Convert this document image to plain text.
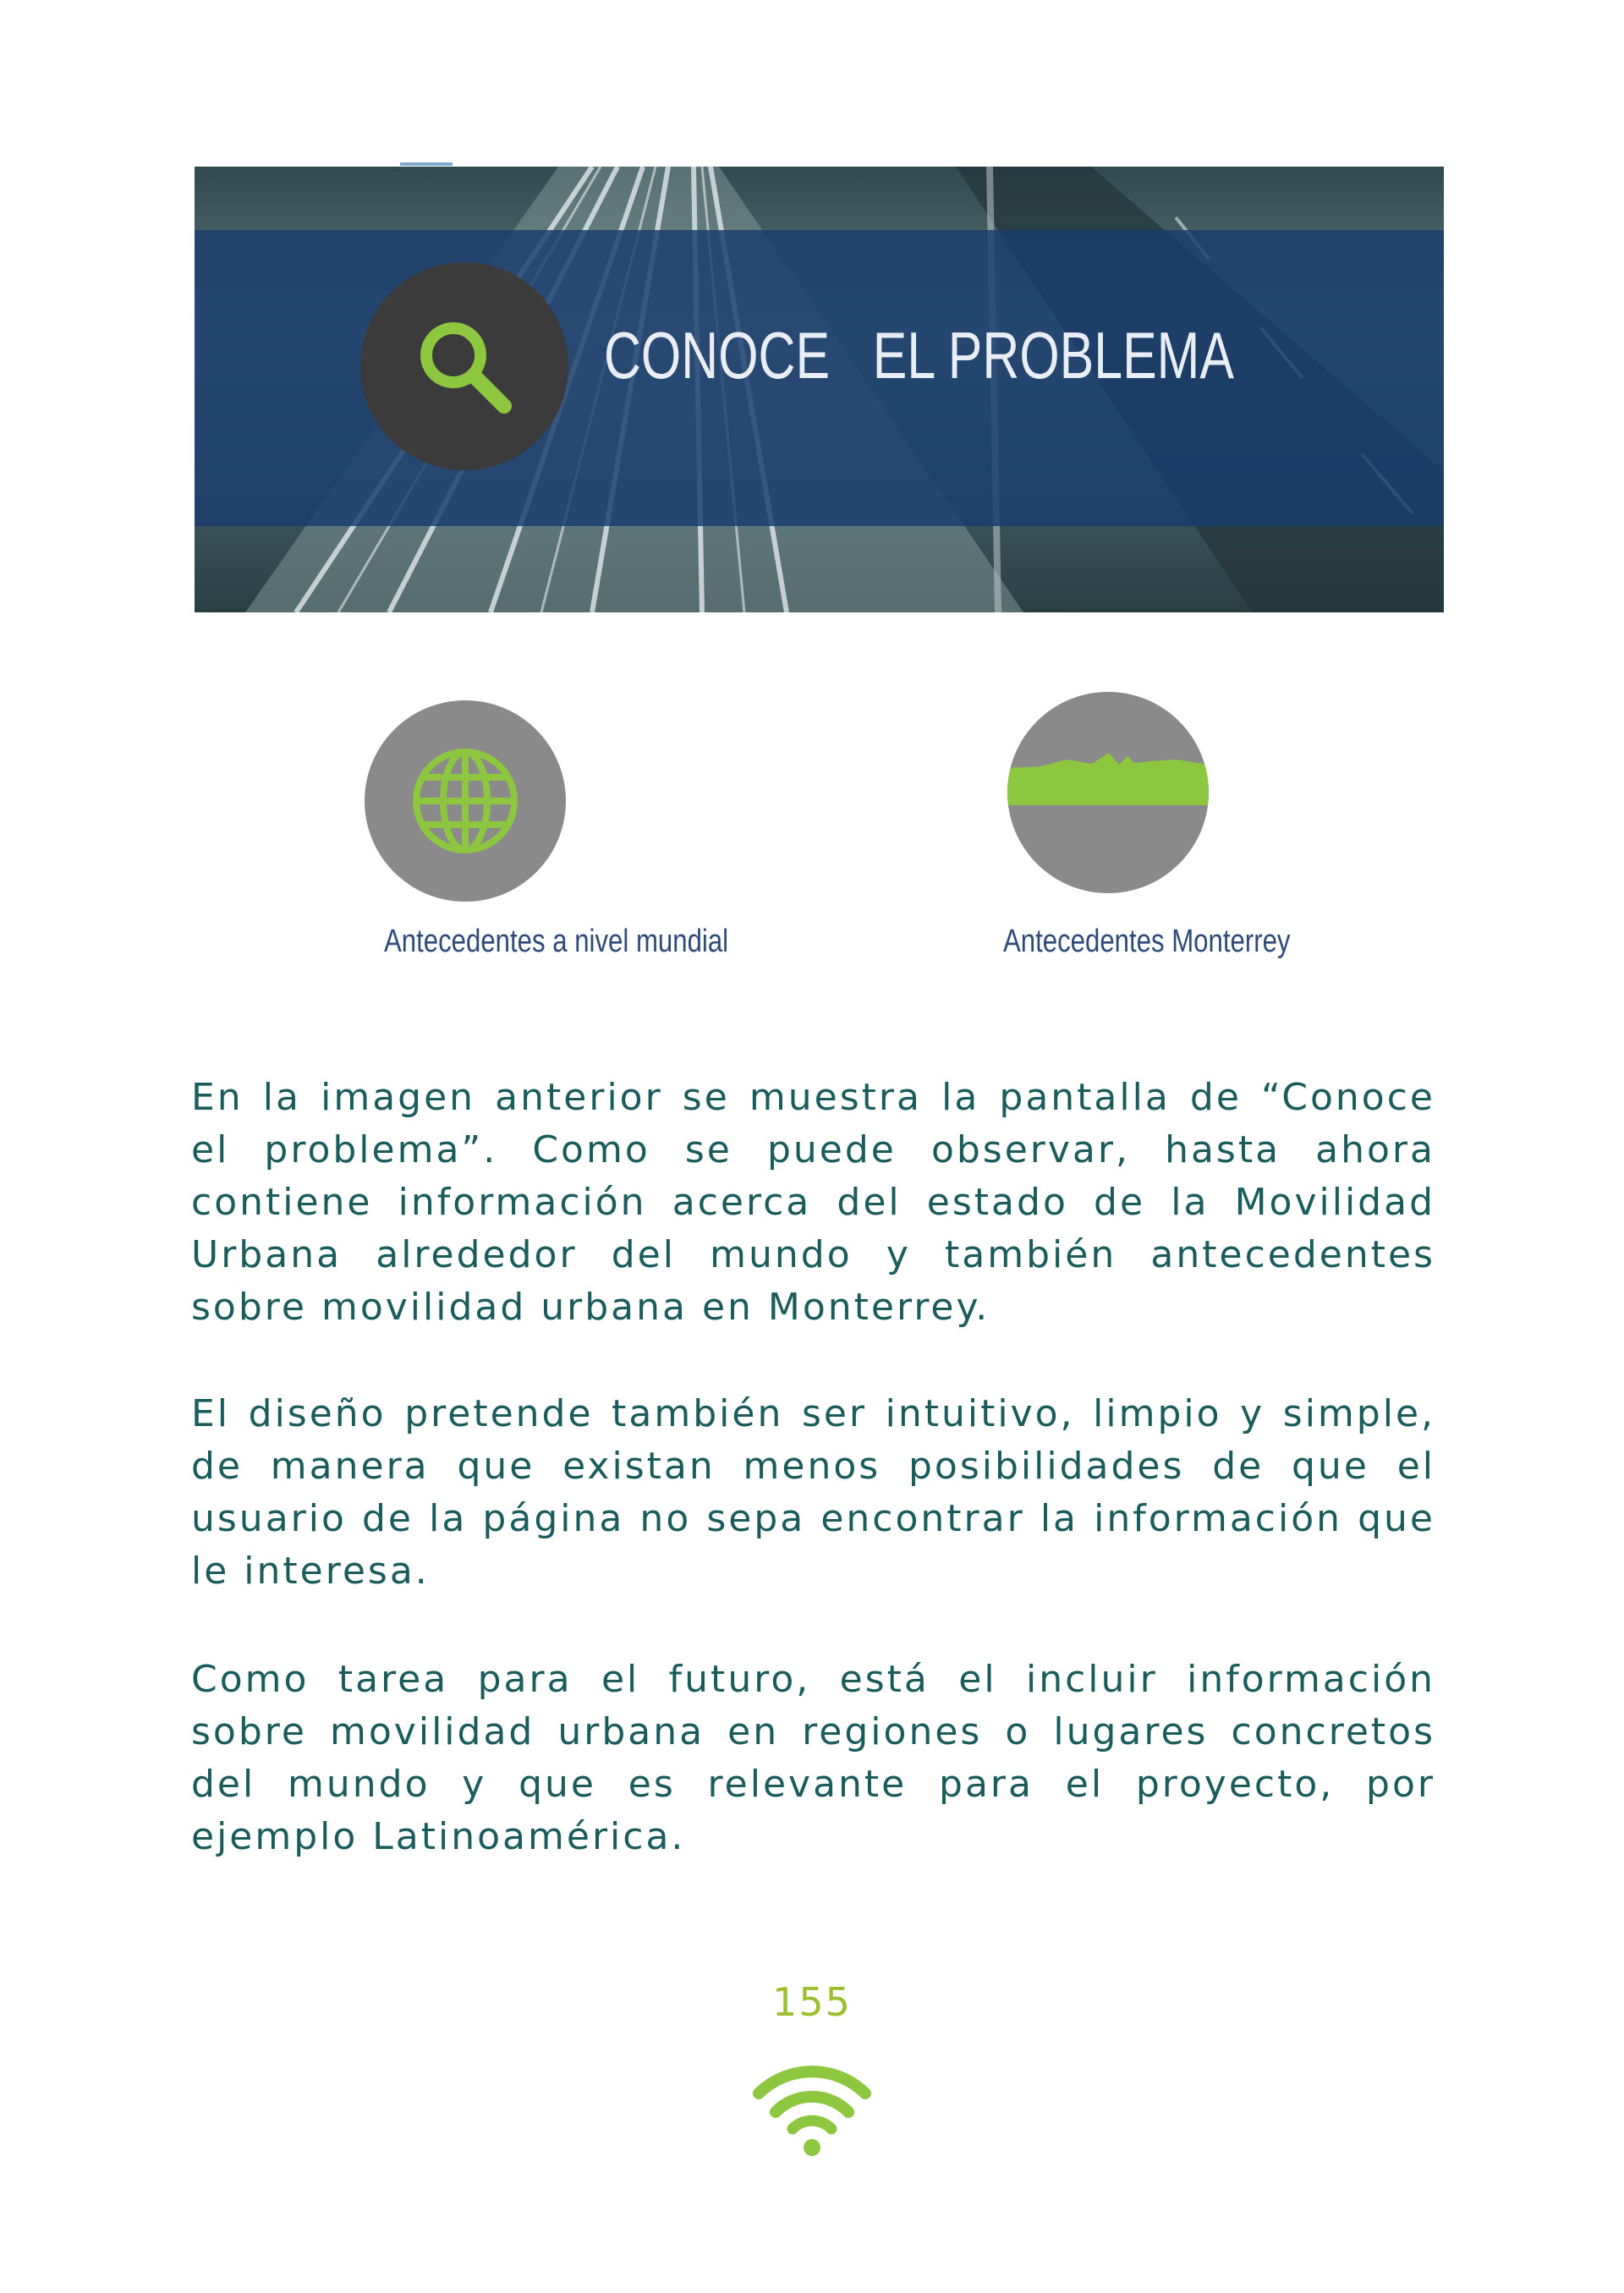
CONOCE   EL PROBLEMA
Antecedentes a nivel mundial	Antecedentes Monterrey

En la imagen anterior se muestra la pantalla de “Conoce el problema”. Como se puede observar, hasta ahora contiene información acerca del estado de la Movilidad Urbana alrededor del mundo y también antecedentes sobre movilidad urbana en Monterrey.

El diseño pretende también ser intuitivo, limpio y simple, de manera que existan menos posibilidades de que el usuario de la página no sepa encontrar la información que le interesa.

Como tarea para el futuro, está el incluir información sobre movilidad urbana en regiones o lugares concretos del mundo y que es relevante para el proyecto, por ejemplo Latinoamérica.

155
